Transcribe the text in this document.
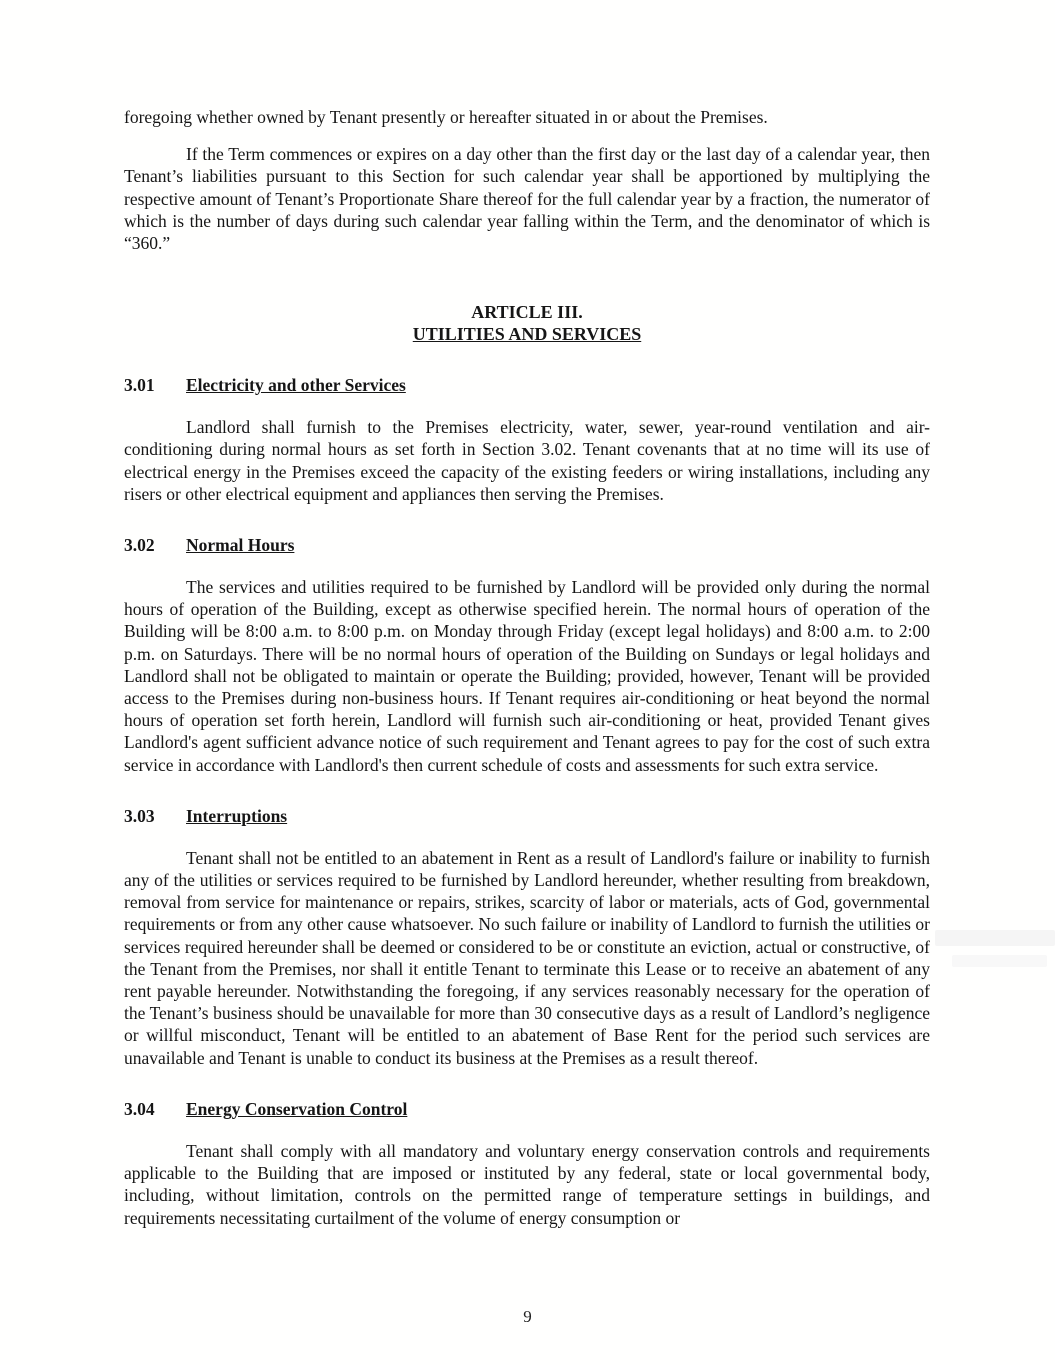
foregoing whether owned by Tenant presently or hereafter situated in or about the Premises.

If the Term commences or expires on a day other than the first day or the last day of a calendar year, then Tenant’s liabilities pursuant to this Section for such calendar year shall be apportioned by multiplying the respective amount of Tenant’s Proportionate Share thereof for the full calendar year by a fraction, the numerator of which is the number of days during such calendar year falling within the Term, and the denominator of which is “360.”

ARTICLE III.
UTILITIES AND SERVICES
3.01 Electricity and other Services

Landlord shall furnish to the Premises electricity, water, sewer, year-round ventilation and air-conditioning during normal hours as set forth in Section 3.02. Tenant covenants that at no time will its use of electrical energy in the Premises exceed the capacity of the existing feeders or wiring installations, including any risers or other electrical equipment and appliances then serving the Premises.

3.02 Normal Hours

The services and utilities required to be furnished by Landlord will be provided only during the normal hours of operation of the Building, except as otherwise specified herein. The normal hours of operation of the Building will be 8:00 a.m. to 8:00 p.m. on Monday through Friday (except legal holidays) and 8:00 a.m. to 2:00 p.m. on Saturdays. There will be no normal hours of operation of the Building on Sundays or legal holidays and Landlord shall not be obligated to maintain or operate the Building; provided, however, Tenant will be provided access to the Premises during non-business hours. If Tenant requires air-conditioning or heat beyond the normal hours of operation set forth herein, Landlord will furnish such air-conditioning or heat, provided Tenant gives Landlord's agent sufficient advance notice of such requirement and Tenant agrees to pay for the cost of such extra service in accordance with Landlord's then current schedule of costs and assessments for such extra service.

3.03 Interruptions

Tenant shall not be entitled to an abatement in Rent as a result of Landlord's failure or inability to furnish any of the utilities or services required to be furnished by Landlord hereunder, whether resulting from breakdown, removal from service for maintenance or repairs, strikes, scarcity of labor or materials, acts of God, governmental requirements or from any other cause whatsoever. No such failure or inability of Landlord to furnish the utilities or services required hereunder shall be deemed or considered to be or constitute an eviction, actual or constructive, of the Tenant from the Premises, nor shall it entitle Tenant to terminate this Lease or to receive an abatement of any rent payable hereunder. Notwithstanding the foregoing, if any services reasonably necessary for the operation of the Tenant’s business should be unavailable for more than 30 consecutive days as a result of Landlord’s negligence or willful misconduct, Tenant will be entitled to an abatement of Base Rent for the period such services are unavailable and Tenant is unable to conduct its business at the Premises as a result thereof.

3.04 Energy Conservation Control

Tenant shall comply with all mandatory and voluntary energy conservation controls and requirements applicable to the Building that are imposed or instituted by any federal, state or local governmental body, including, without limitation, controls on the permitted range of temperature settings in buildings, and requirements necessitating curtailment of the volume of energy consumption or

9
